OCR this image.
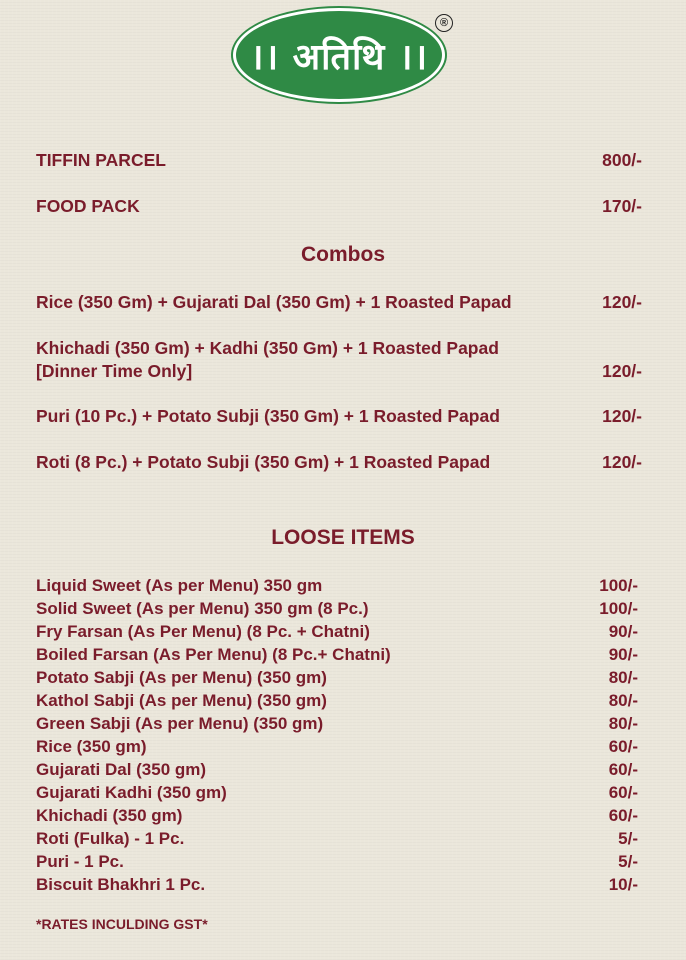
।। अतिथि ।।
®
TIFFIN PARCEL	800/-
FOOD PACK	170/-
Combos
Rice (350 Gm) + Gujarati Dal (350 Gm) + 1 Roasted Papad	120/-
Khichadi (350 Gm) + Kadhi (350 Gm) + 1 Roasted Papad
[Dinner Time Only]	120/-
Puri (10 Pc.) + Potato Subji (350 Gm) + 1 Roasted Papad	120/-
Roti (8 Pc.) + Potato Subji (350 Gm) + 1 Roasted Papad	120/-
LOOSE ITEMS
Liquid Sweet (As per Menu) 350 gm	100/-
Solid Sweet (As per Menu) 350 gm (8 Pc.)	100/-
Fry Farsan (As Per Menu) (8 Pc. + Chatni)	90/-
Boiled Farsan (As Per Menu) (8 Pc.+ Chatni)	90/-
Potato Sabji (As per Menu) (350 gm)	80/-
Kathol Sabji (As per Menu) (350 gm)	80/-
Green Sabji (As per Menu) (350 gm)	80/-
Rice (350 gm)	60/-
Gujarati Dal (350 gm)	60/-
Gujarati Kadhi (350 gm)	60/-
Khichadi (350 gm)	60/-
Roti (Fulka) - 1 Pc.	5/-
Puri - 1 Pc.	5/-
Biscuit Bhakhri 1 Pc.	10/-
*RATES INCULDING GST*
